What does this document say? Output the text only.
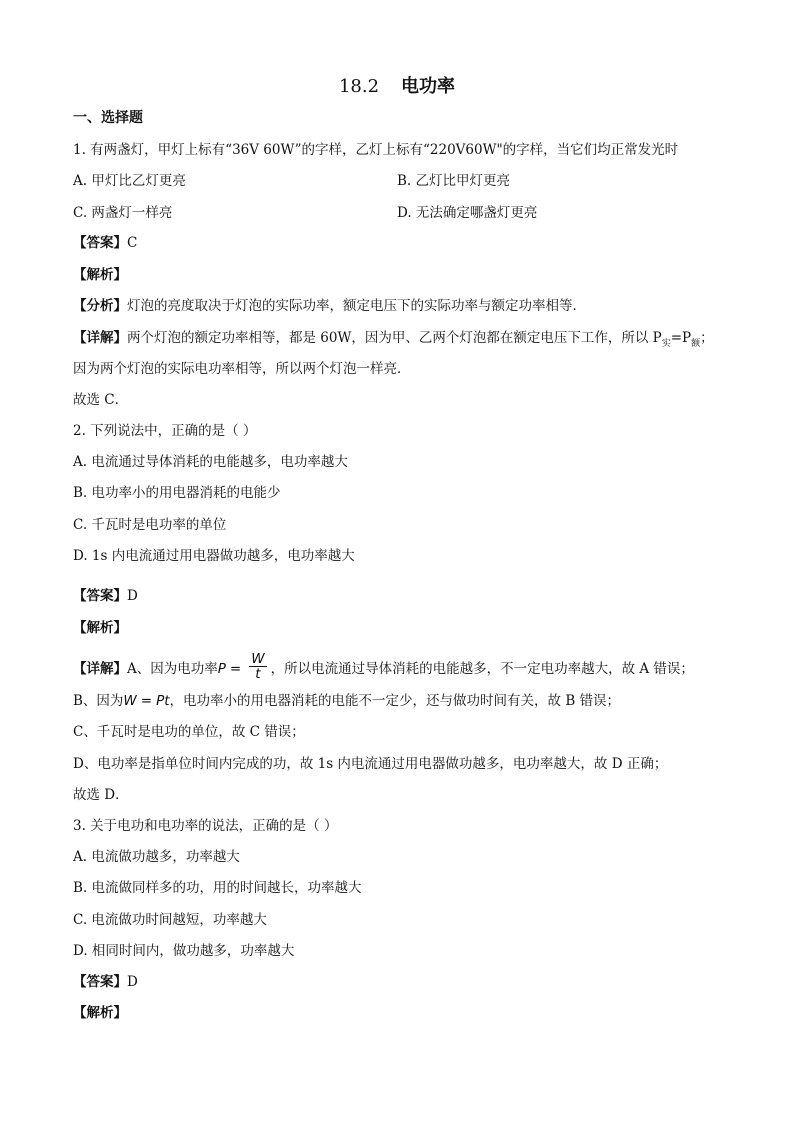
18.2 电功率
一、选择题
1. 有两盏灯，甲灯上标有“36V 60W”的字样，乙灯上标有“220V60W"的字样，当它们均正常发光时
A. 甲灯比乙灯更亮	B. 乙灯比甲灯更亮
C. 两盏灯一样亮	D. 无法确定哪盏灯更亮
【答案】C
【解析】
【分析】灯泡的亮度取决于灯泡的实际功率，额定电压下的实际功率与额定功率相等．
【详解】两个灯泡的额定功率相等，都是 60W，因为甲、乙两个灯泡都在额定电压下工作，所以 $P_实=P_额$；
因为两个灯泡的实际电功率相等，所以两个灯泡一样亮．
故选 C．
2. 下列说法中，正确的是（ ）
A. 电流通过导体消耗的电能越多，电功率越大
B. 电功率小的用电器消耗的电能少
C. 千瓦时是电功率的单位
D. 1s 内电流通过用电器做功越多，电功率越大
【答案】D
【解析】
【详解】A、因为电功率$P = \frac{W}{t}$ ，所以电流通过导体消耗的电能越多，不一定电功率越大，故 A 错误；
B、因为W = Pt，电功率小的用电器消耗的电能不一定少，还与做功时间有关，故 B 错误；
C、千瓦时是电功的单位，故 C 错误；
D、电功率是指单位时间内完成的功，故 1s 内电流通过用电器做功越多，电功率越大，故 D 正确；
故选 D．
3. 关于电功和电功率的说法，正确的是（ ）
A. 电流做功越多，功率越大
B. 电流做同样多的功，用的时间越长，功率越大
C. 电流做功时间越短，功率越大
D. 相同时间内，做功越多，功率越大
【答案】D
【解析】
